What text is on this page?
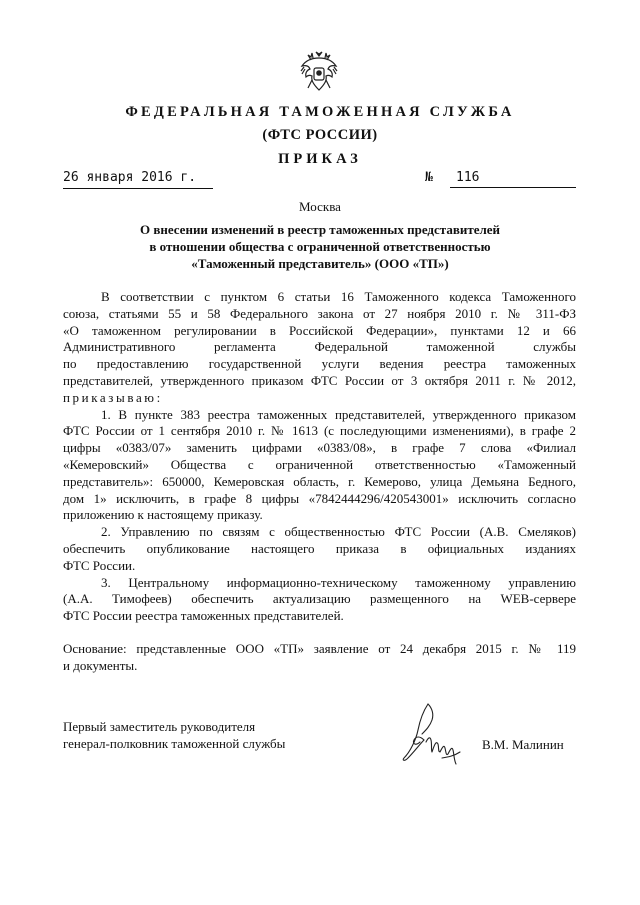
ФЕДЕРАЛЬНАЯ ТАМОЖЕННАЯ СЛУЖБА
(ФТС РОССИИ)
ПРИКАЗ
26 января 2016 г.	№	116
Москва
О внесении изменений в реестр таможенных представителей
в отношении общества с ограниченной ответственностью
«Таможенный представитель» (ООО «ТП»)
В соответствии с пунктом 6 статьи 16 Таможенного кодекса Таможенного
союза, статьями 55 и 58 Федерального закона от 27 ноября 2010 г. № 311-ФЗ
«О таможенном регулировании в Российской Федерации», пунктами 12 и 66
Административного регламента Федеральной таможенной службы
по предоставлению государственной услуги ведения реестра таможенных
представителей, утвержденного приказом ФТС России от 3 октября 2011 г. № 2012,
приказываю:
1. В пункте 383 реестра таможенных представителей, утвержденного приказом
ФТС России от 1 сентября 2010 г. № 1613 (с последующими изменениями), в графе 2
цифры «0383/07» заменить цифрами «0383/08», в графе 7 слова «Филиал
«Кемеровский» Общества с ограниченной ответственностью «Таможенный
представитель»: 650000, Кемеровская область, г. Кемерово, улица Демьяна Бедного,
дом 1» исключить, в графе 8 цифры «7842444296/420543001» исключить согласно
приложению к настоящему приказу.
2. Управлению по связям с общественностью ФТС России (А.В. Смеляков)
обеспечить опубликование настоящего приказа в официальных изданиях
ФТС России.
3. Центральному информационно-техническому таможенному управлению
(А.А. Тимофеев) обеспечить актуализацию размещенного на WEB-сервере
ФТС России реестра таможенных представителей.
Основание: представленные ООО «ТП» заявление от 24 декабря 2015 г. № 119
и документы.
Первый заместитель руководителя
генерал-полковник таможенной службы	В.М. Малинин
